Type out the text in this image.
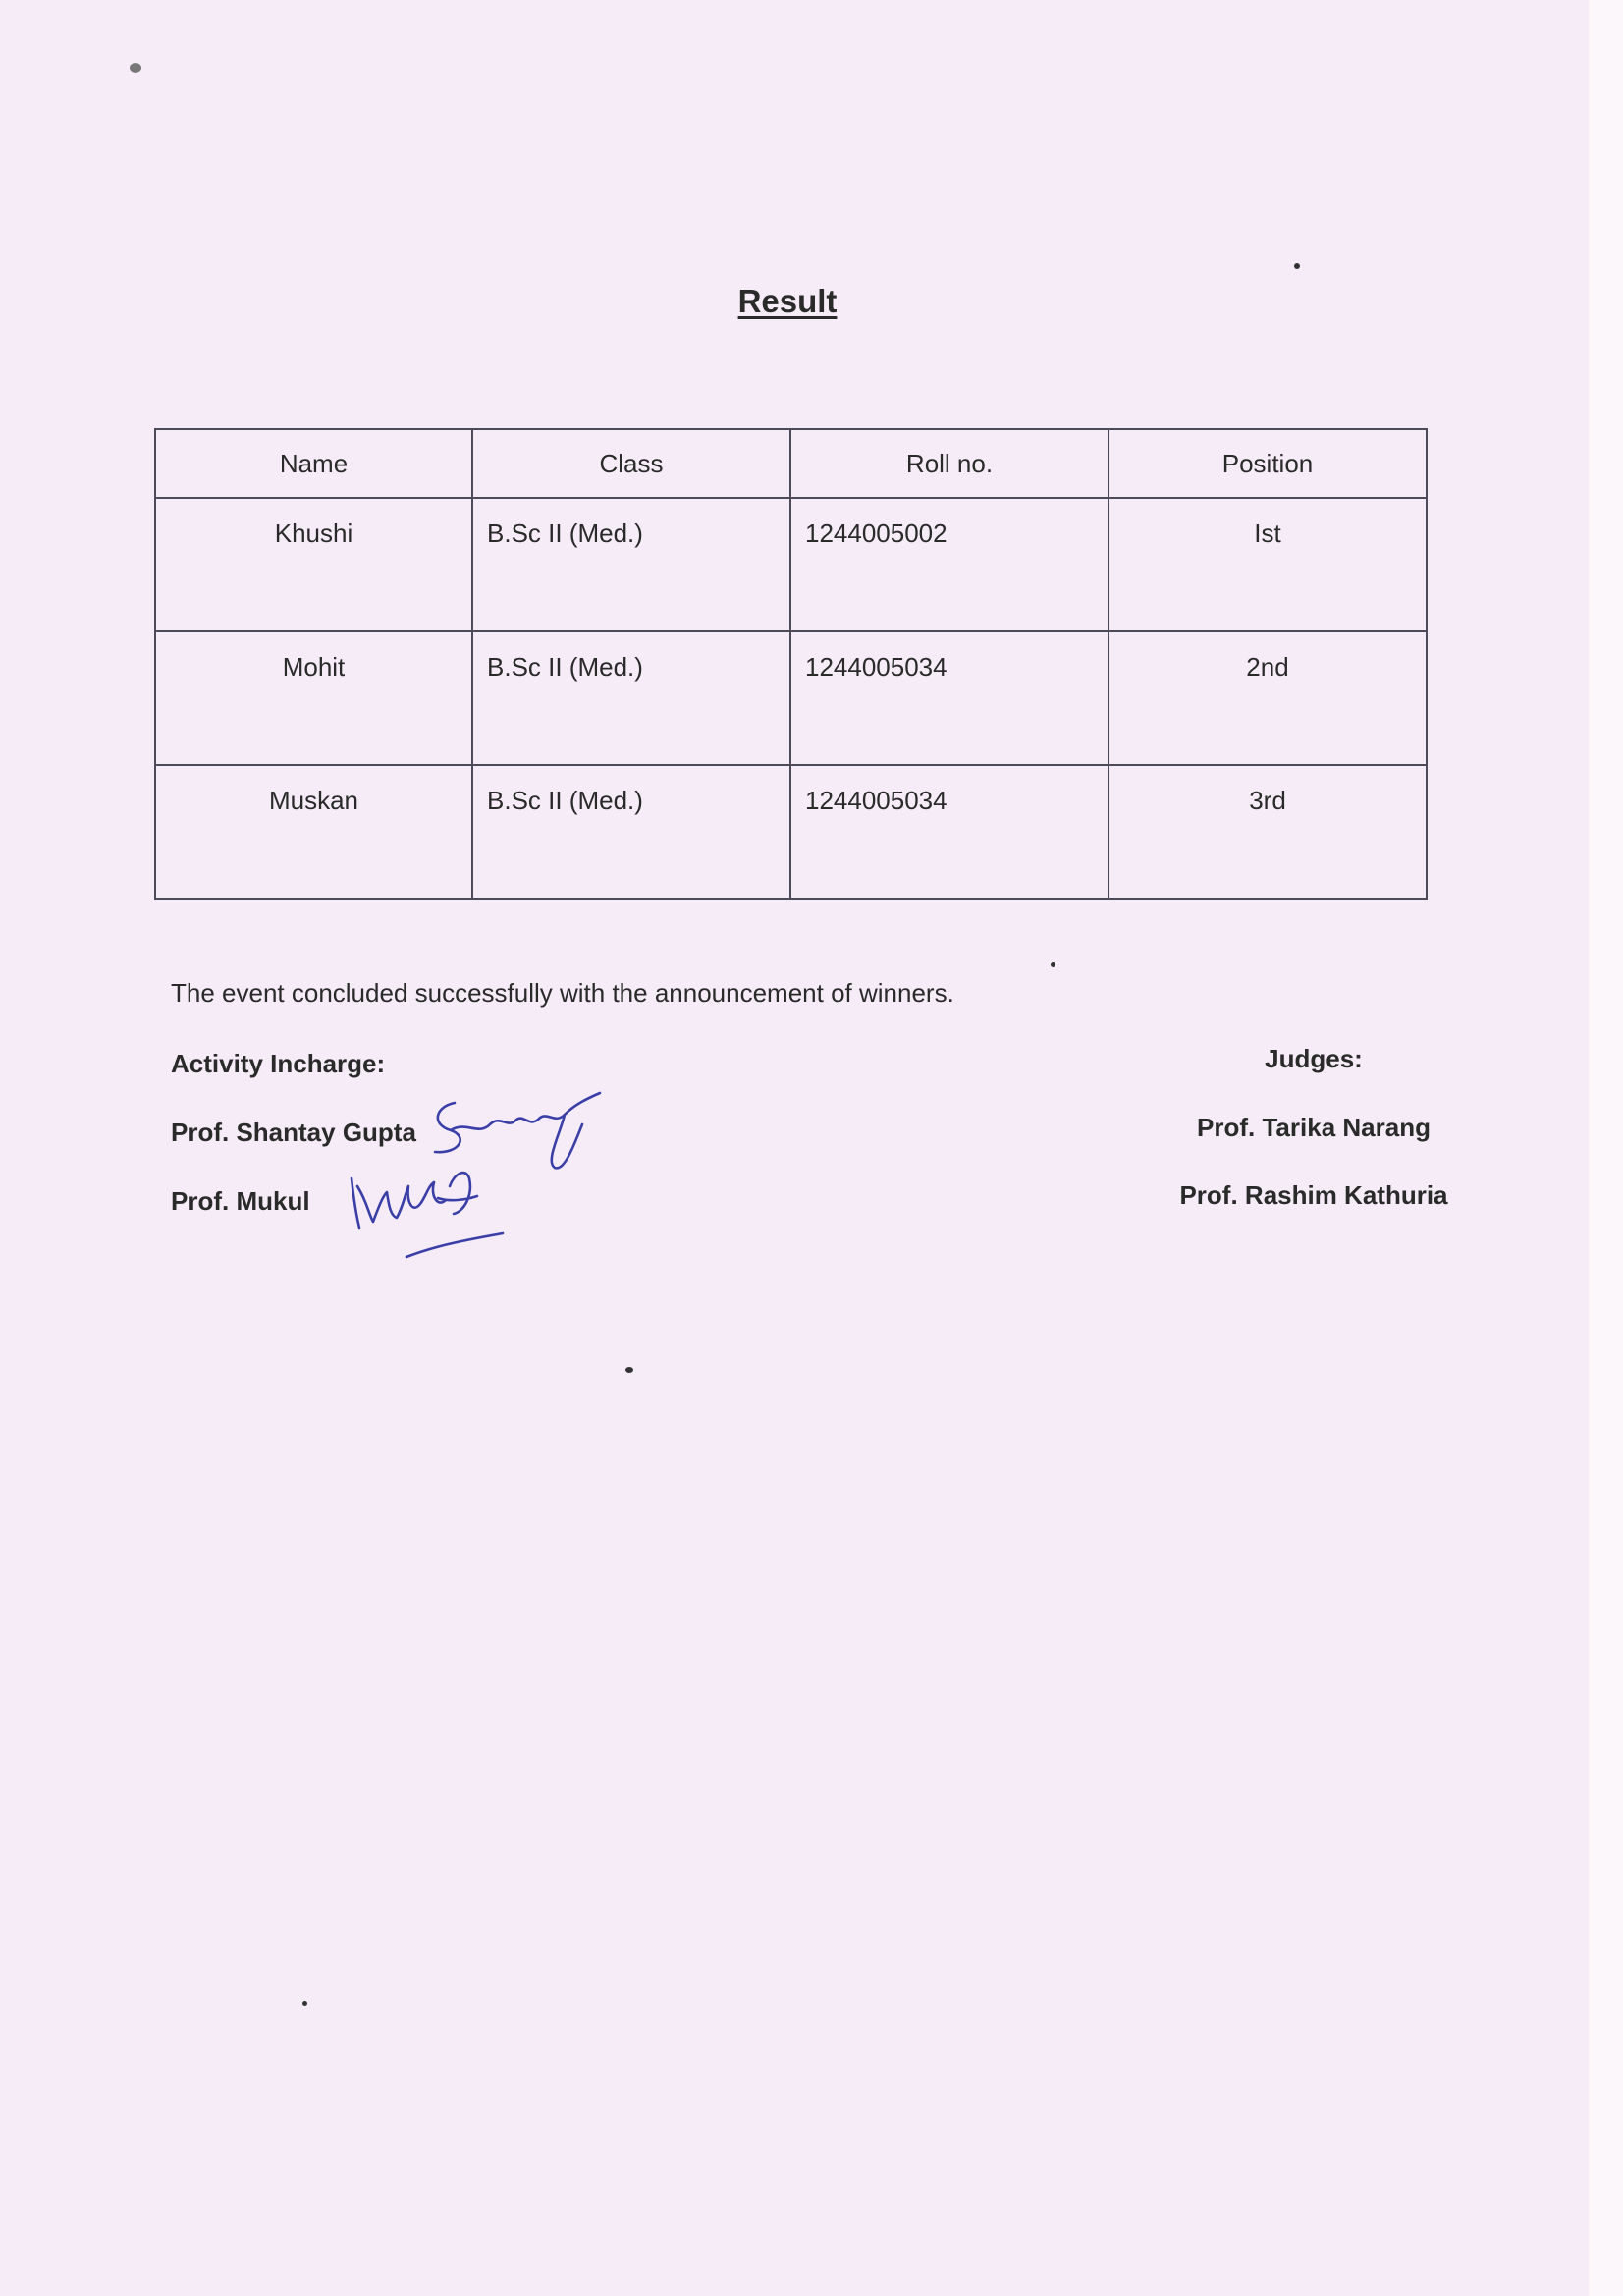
Result
Name	Class	Roll no.	Position
Khushi	B.Sc II (Med.)	1244005002	Ist
Mohit	B.Sc II (Med.)	1244005034	2nd
Muskan	B.Sc II (Med.)	1244005034	3rd
The event concluded successfully with the announcement of winners.
Activity Incharge:
Prof. Shantay Gupta
Prof. Mukul
Judges:
Prof. Tarika Narang
Prof. Rashim Kathuria
